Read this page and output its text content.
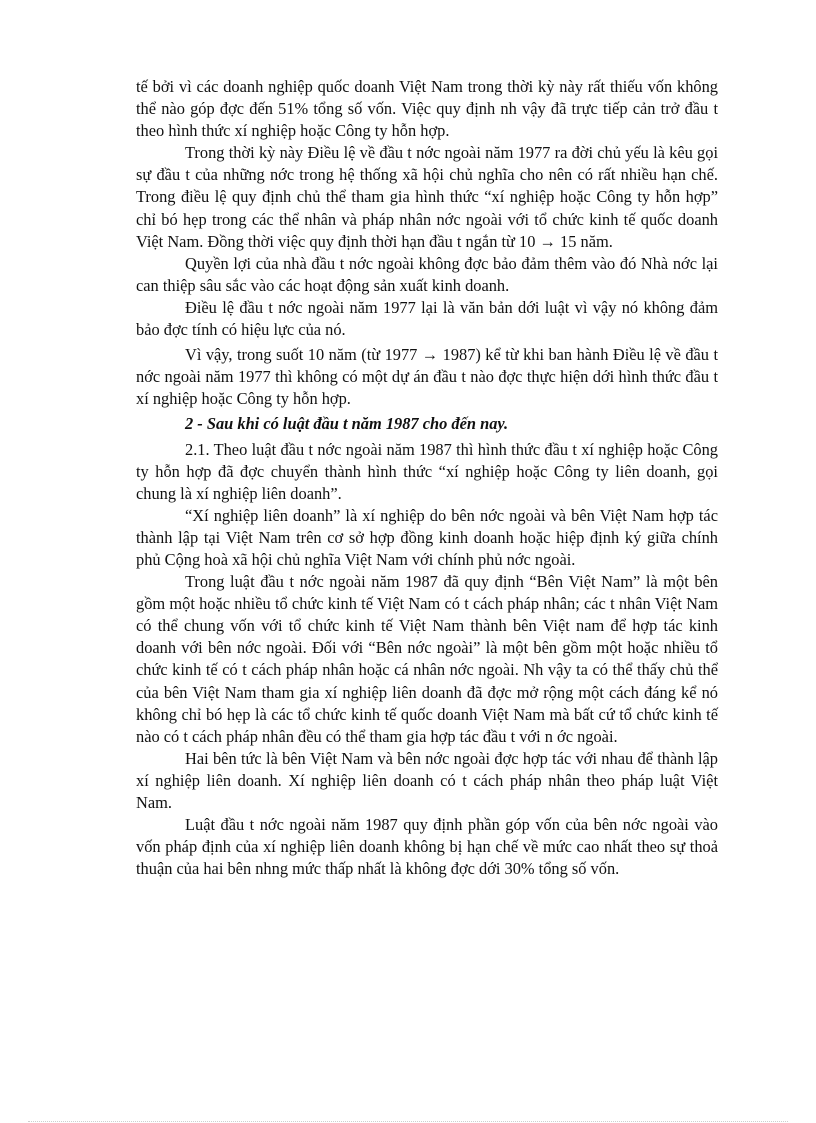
tế bởi vì các doanh nghiệp quốc doanh Việt Nam trong thời kỳ này rất thiếu vốn không thể nào góp đợc đến 51% tổng số vốn. Việc quy định nh vậy đã trực tiếp cản trở đầu t theo hình thức xí nghiệp hoặc Công ty hỗn hợp.

Trong thời kỳ này Điều lệ về đầu t nớc ngoài năm 1977 ra đời chủ yếu là kêu gọi sự đầu t của những nớc trong hệ thống xã hội chủ nghĩa cho nên có rất nhiều hạn chế. Trong điều lệ quy định chủ thể tham gia hình thức “xí nghiệp hoặc Công ty hỗn hợp” chỉ bó hẹp trong các thể nhân và pháp nhân nớc ngoài với tổ chức kinh tế quốc doanh Việt Nam. Đồng thời việc quy định thời hạn đầu t ngắn từ 10 → 15 năm.

Quyền lợi của nhà đầu t nớc ngoài không đợc bảo đảm thêm vào đó Nhà nớc lại can thiệp sâu sắc vào các hoạt động sản xuất kinh doanh.

Điều lệ đầu t nớc ngoài năm 1977 lại là văn bản dới luật vì vậy nó không đảm bảo đợc tính có hiệu lực của nó.

Vì vậy, trong suốt 10 năm (từ 1977 → 1987) kể từ khi ban hành Điều lệ về đầu t nớc ngoài năm 1977 thì không có một dự án đầu t nào đợc thực hiện dới hình thức đầu t xí nghiệp hoặc Công ty hỗn hợp.

2 - Sau khi có luật đầu t năm 1987 cho đến nay.

2.1. Theo luật đầu t nớc ngoài năm 1987 thì hình thức đầu t xí nghiệp hoặc Công ty hỗn hợp đã đợc chuyển thành hình thức “xí nghiệp hoặc Công ty liên doanh, gọi chung là xí nghiệp liên doanh”.

“Xí nghiệp liên doanh” là xí nghiệp do bên nớc ngoài và bên Việt Nam hợp tác thành lập tại Việt Nam trên cơ sở hợp đồng kinh doanh hoặc hiệp định ký giữa chính phủ Cộng hoà xã hội chủ nghĩa Việt Nam với chính phủ nớc ngoài.

Trong luật đầu t nớc ngoài năm 1987 đã quy định “Bên Việt Nam” là một bên gồm một hoặc nhiều tổ chức kinh tế Việt Nam có t cách pháp nhân; các t nhân Việt Nam có thể chung vốn với tổ chức kinh tế Việt Nam thành bên Việt nam để hợp tác kinh doanh với bên nớc ngoài. Đối với “Bên nớc ngoài” là một bên gồm một hoặc nhiều tổ chức kinh tế có t cách pháp nhân hoặc cá nhân nớc ngoài. Nh vậy ta có thể thấy chủ thể của bên Việt Nam tham gia xí nghiệp liên doanh đã đợc mở rộng một cách đáng kể nó không chỉ bó hẹp là các tổ chức kinh tế quốc doanh Việt Nam mà bất cứ tổ chức kinh tế nào có t cách pháp nhân đều có thể tham gia hợp tác đầu t với n ớc ngoài.

Hai bên tức là bên Việt Nam và bên nớc ngoài đợc hợp tác với nhau để thành lập xí nghiệp liên doanh. Xí nghiệp liên doanh có t cách pháp nhân theo pháp luật Việt Nam.

Luật đầu t nớc ngoài năm 1987 quy định phần góp vốn của bên nớc ngoài vào vốn pháp định của xí nghiệp liên doanh không bị hạn chế về mức cao nhất theo sự thoả thuận của hai bên nhng mức thấp nhất là không đợc dới 30% tổng số vốn.
